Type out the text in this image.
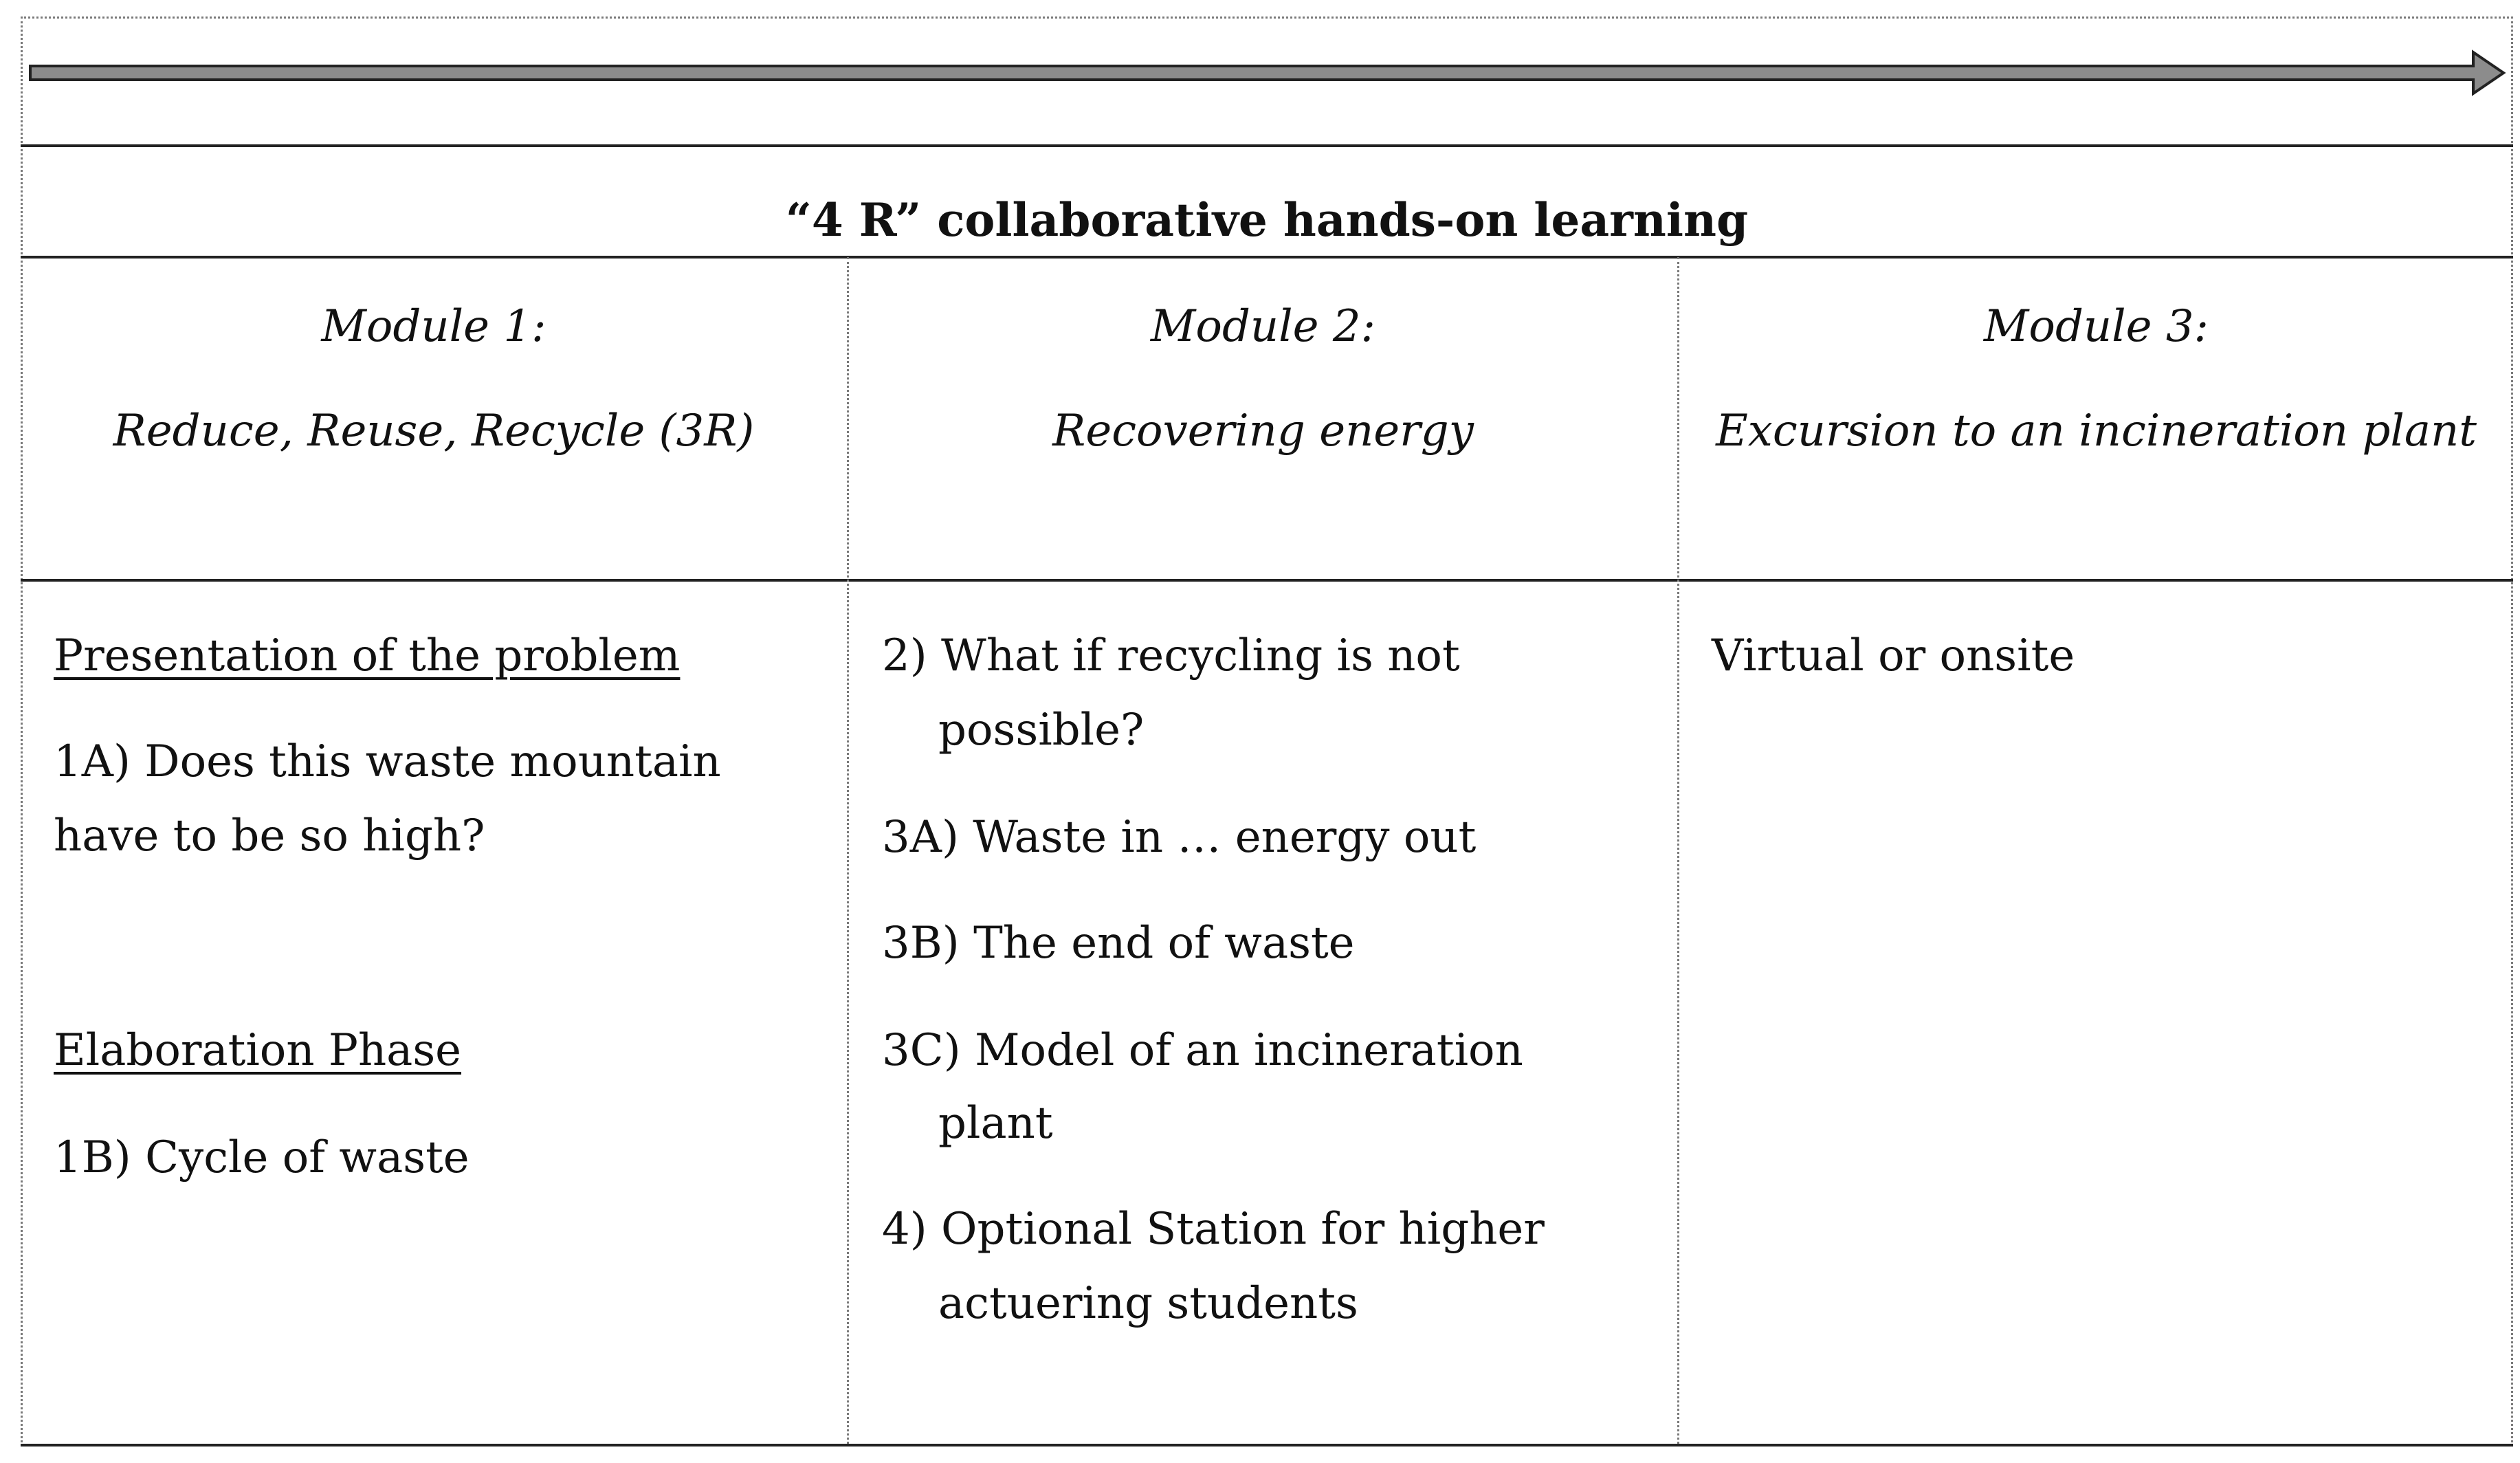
“4 R” collaborative hands-on learning
Module 1:
Reduce, Reuse, Recycle (3R)
Module 2:
Recovering energy
Module 3:
Excursion to an incineration plant
Presentation of the problem
1A) Does this waste mountain
have to be so high?
Elaboration Phase
1B) Cycle of waste
2) What if recycling is not
possible?
3A) Waste in … energy out
3B) The end of waste
3C) Model of an incineration
plant
4) Optional Station for higher
actuering students
Virtual or onsite
